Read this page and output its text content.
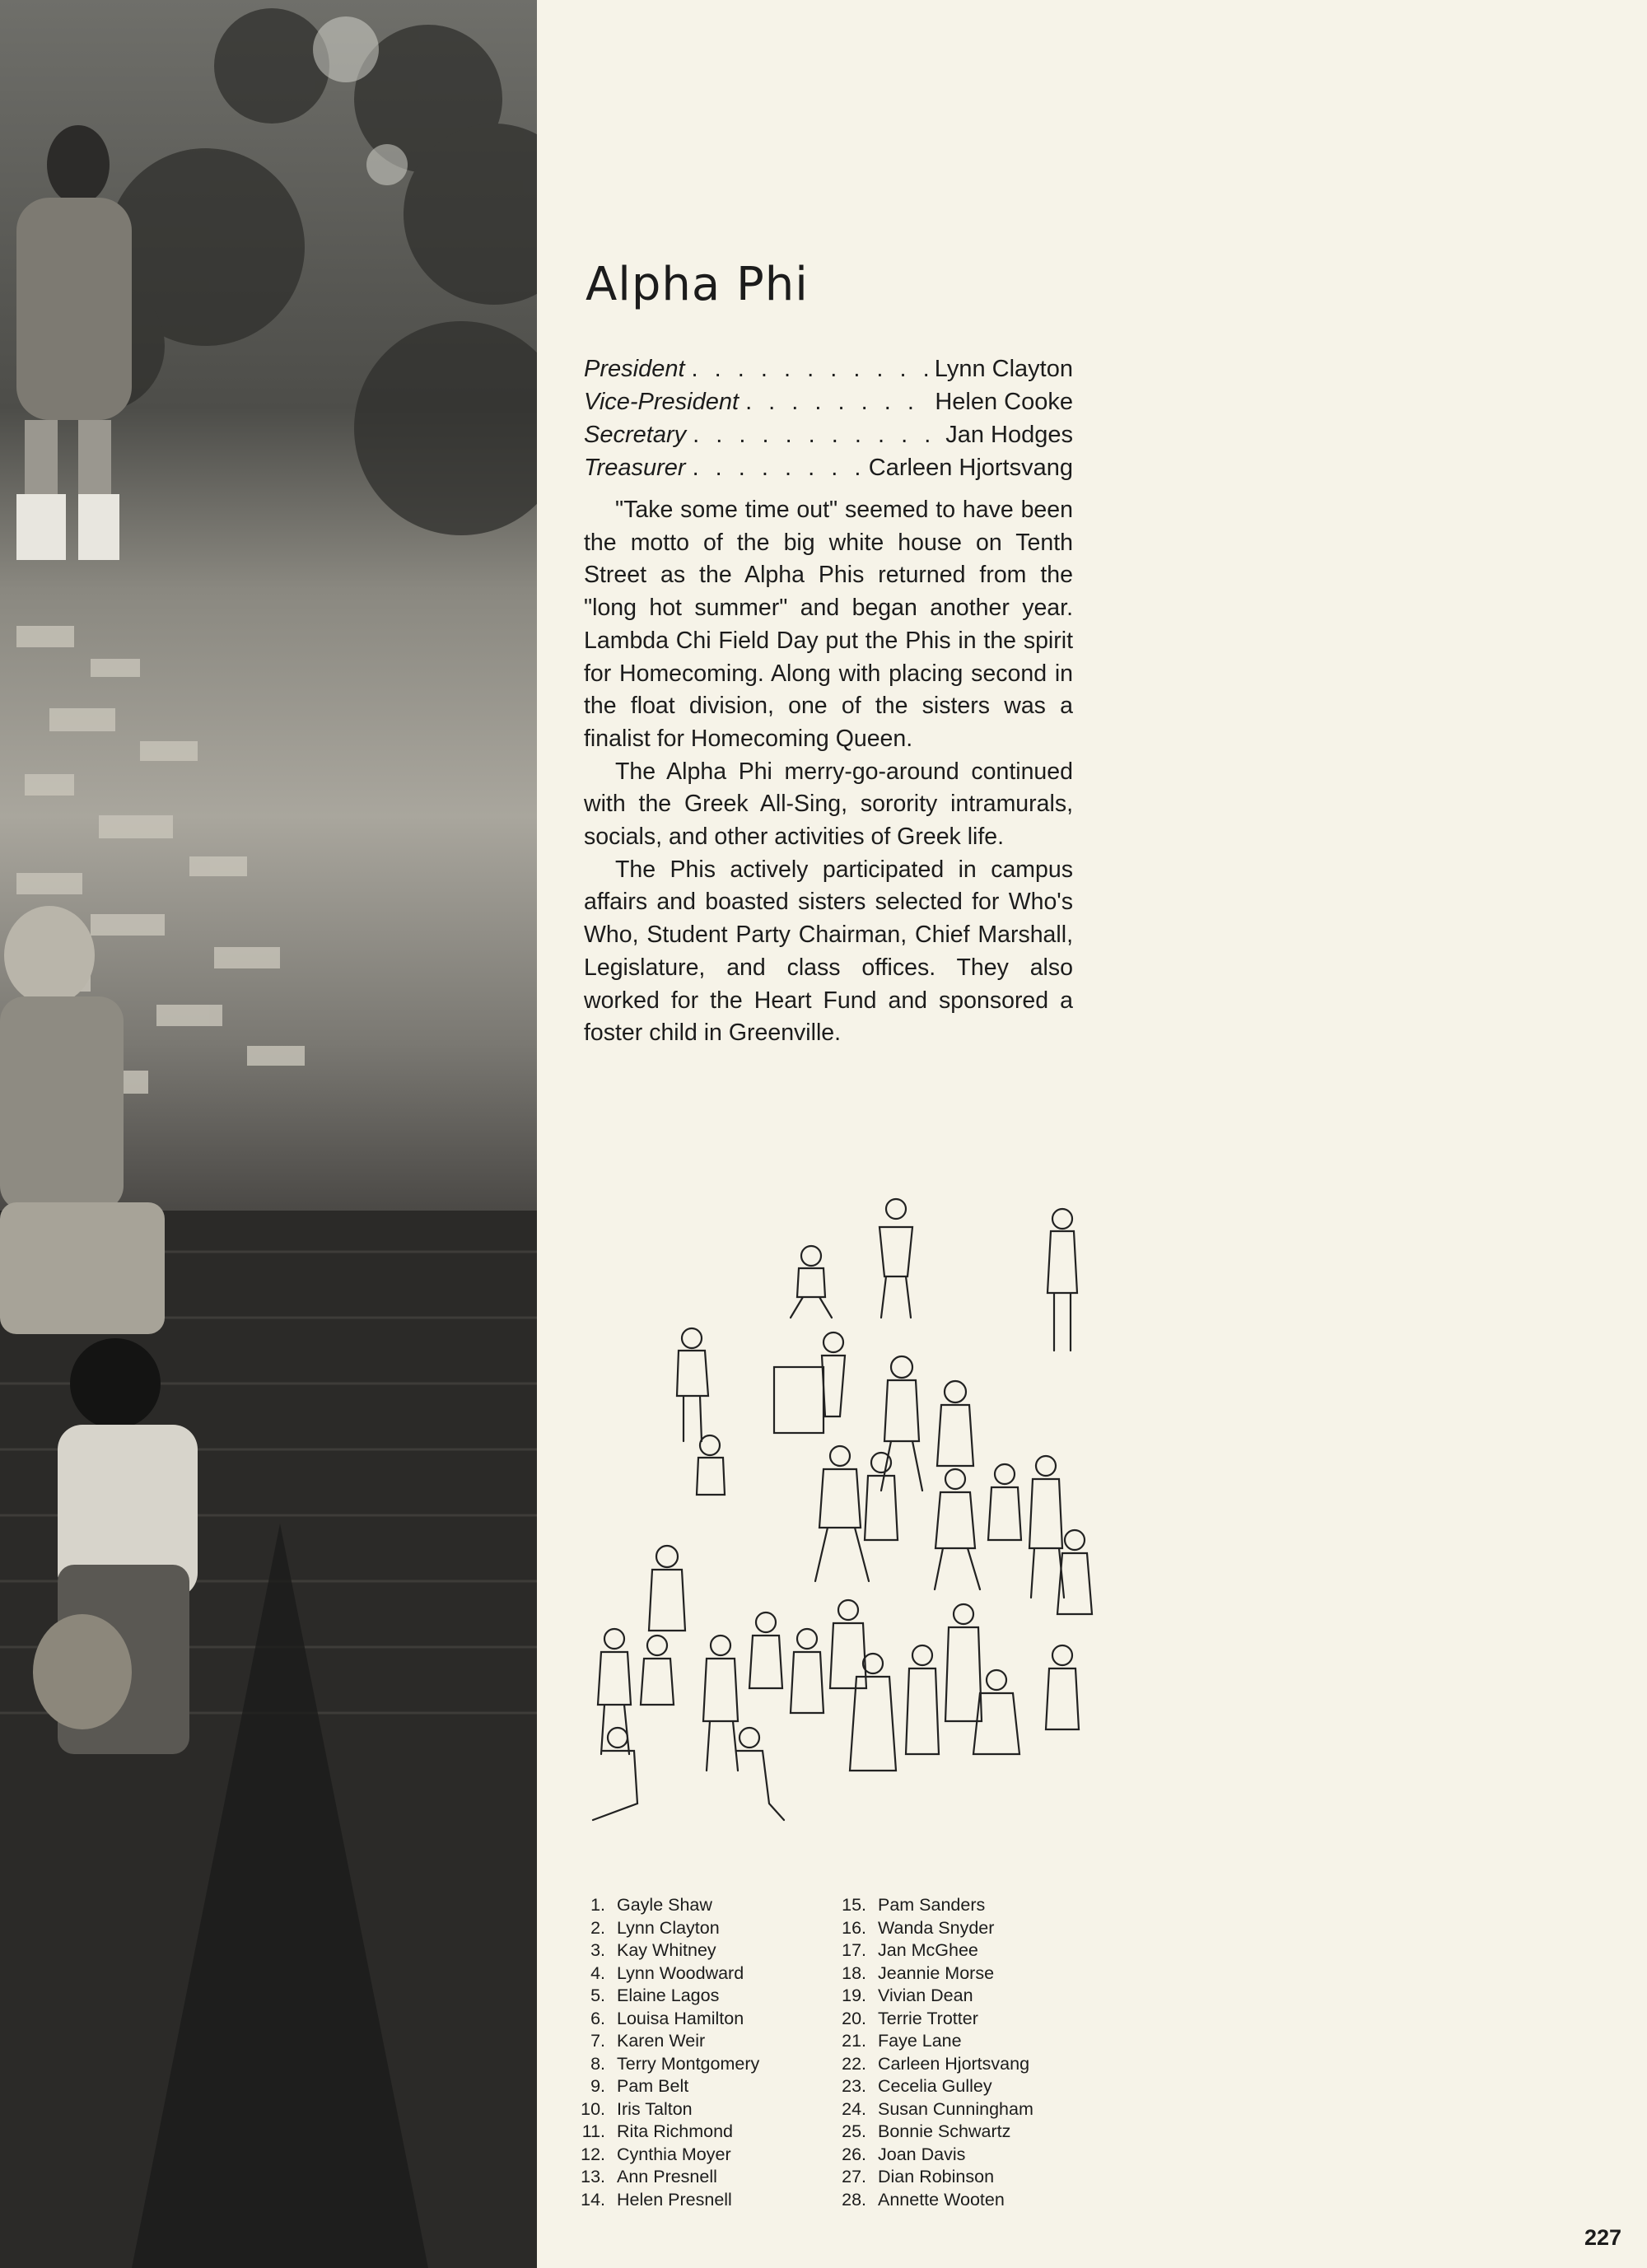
Alpha Phi
President . . .	Lynn Clayton
Vice-President . . .	Helen Cooke
Secretary . . .	Jan Hodges
Treasurer . . .	Carleen Hjortsvang

"Take some time out" seemed to have been the motto of the big white house on Tenth Street as the Alpha Phis returned from the "long hot summer" and began another year. Lambda Chi Field Day put the Phis in the spirit for Homecoming. Along with placing second in the float division, one of the sisters was a finalist for Homecoming Queen.

The Alpha Phi merry-go-around continued with the Greek All-Sing, sorority intramurals, socials, and other activities of Greek life.

The Phis actively participated in campus affairs and boasted sisters selected for Who's Who, Student Party Chairman, Chief Marshall, Legislature, and class offices. They also worked for the Heart Fund and sponsored a foster child in Greenville.

1. Gayle Shaw
2. Lynn Clayton
3. Kay Whitney
4. Lynn Woodward
5. Elaine Lagos
6. Louisa Hamilton
7. Karen Weir
8. Terry Montgomery
9. Pam Belt
10. Iris Talton
11. Rita Richmond
12. Cynthia Moyer
13. Ann Presnell
14. Helen Presnell
15. Pam Sanders
16. Wanda Snyder
17. Jan McGhee
18. Jeannie Morse
19. Vivian Dean
20. Terrie Trotter
21. Faye Lane
22. Carleen Hjortsvang
23. Cecelia Gulley
24. Susan Cunningham
25. Bonnie Schwartz
26. Joan Davis
27. Dian Robinson
28. Annette Wooten
227
